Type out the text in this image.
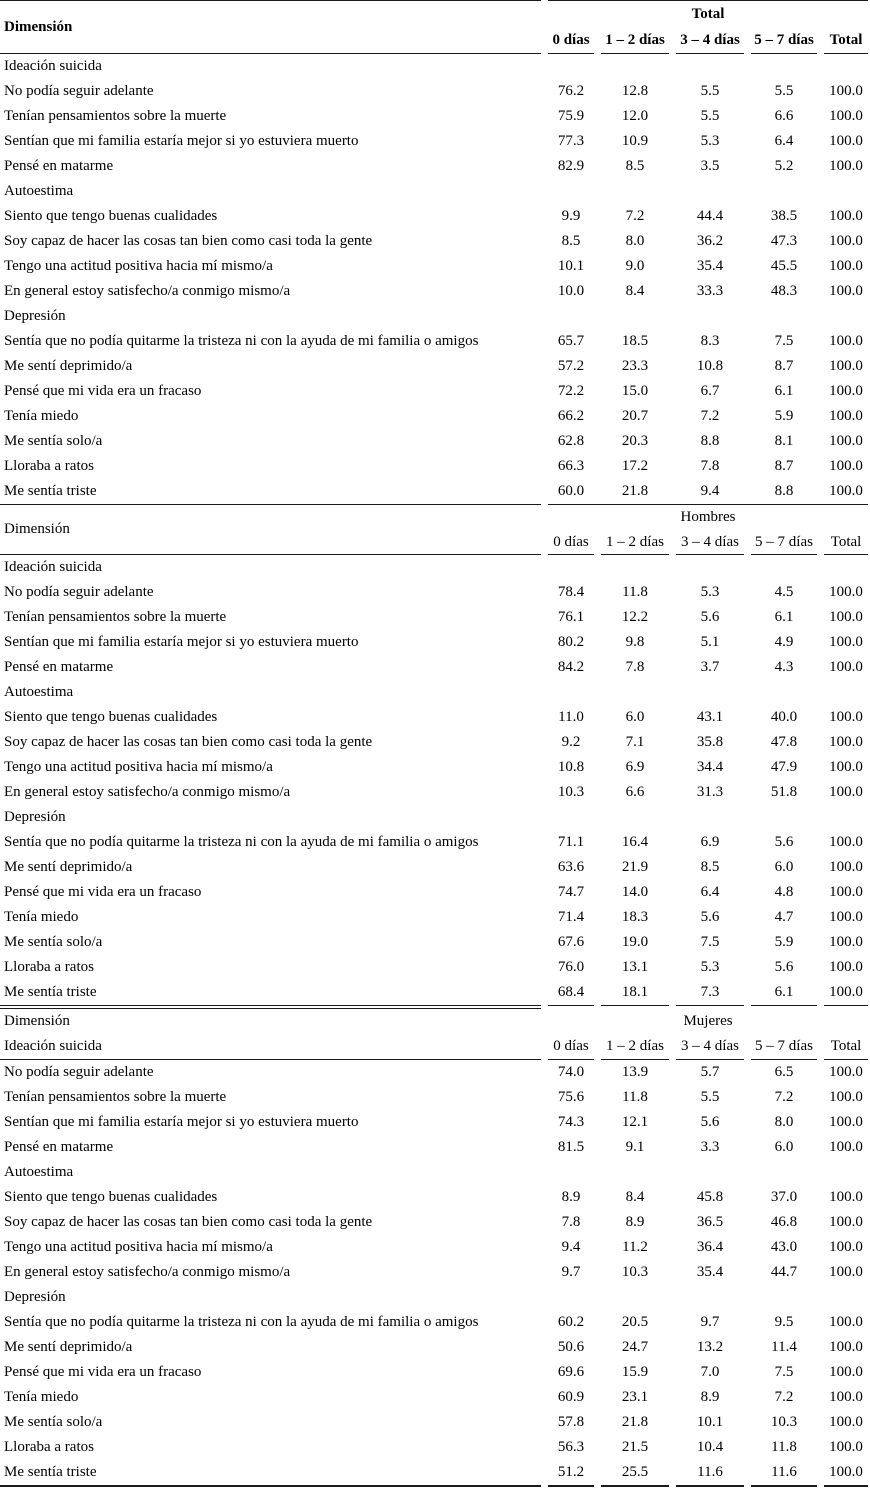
Dimensión	Total				
	0 días	1 – 2 días	3 – 4 días	5 – 7 días	Total
Ideación suicida					
No podía seguir adelante	76.2	12.8	5.5	5.5	100.0
Tenían pensamientos sobre la muerte	75.9	12.0	5.5	6.6	100.0
Sentían que mi familia estaría mejor si yo estuviera muerto	77.3	10.9	5.3	6.4	100.0
Pensé en matarme	82.9	8.5	3.5	5.2	100.0
Autoestima					
Siento que tengo buenas cualidades	9.9	7.2	44.4	38.5	100.0
Soy capaz de hacer las cosas tan bien como casi toda la gente	8.5	8.0	36.2	47.3	100.0
Tengo una actitud positiva hacia mí mismo/a	10.1	9.0	35.4	45.5	100.0
En general estoy satisfecho/a conmigo mismo/a	10.0	8.4	33.3	48.3	100.0
Depresión					
Sentía que no podía quitarme la tristeza ni con la ayuda de mi familia o amigos	65.7	18.5	8.3	7.5	100.0
Me sentí deprimido/a	57.2	23.3	10.8	8.7	100.0
Pensé que mi vida era un fracaso	72.2	15.0	6.7	6.1	100.0
Tenía miedo	66.2	20.7	7.2	5.9	100.0
Me sentía solo/a	62.8	20.3	8.8	8.1	100.0
Lloraba a ratos	66.3	17.2	7.8	8.7	100.0
Me sentía triste	60.0	21.8	9.4	8.8	100.0
Dimensión	Hombres				
	0 días	1 – 2 días	3 – 4 días	5 – 7 días	Total
Ideación suicida					
No podía seguir adelante	78.4	11.8	5.3	4.5	100.0
Tenían pensamientos sobre la muerte	76.1	12.2	5.6	6.1	100.0
Sentían que mi familia estaría mejor si yo estuviera muerto	80.2	9.8	5.1	4.9	100.0
Pensé en matarme	84.2	7.8	3.7	4.3	100.0
Autoestima					
Siento que tengo buenas cualidades	11.0	6.0	43.1	40.0	100.0
Soy capaz de hacer las cosas tan bien como casi toda la gente	9.2	7.1	35.8	47.8	100.0
Tengo una actitud positiva hacia mí mismo/a	10.8	6.9	34.4	47.9	100.0
En general estoy satisfecho/a conmigo mismo/a	10.3	6.6	31.3	51.8	100.0
Depresión					
Sentía que no podía quitarme la tristeza ni con la ayuda de mi familia o amigos	71.1	16.4	6.9	5.6	100.0
Me sentí deprimido/a	63.6	21.9	8.5	6.0	100.0
Pensé que mi vida era un fracaso	74.7	14.0	6.4	4.8	100.0
Tenía miedo	71.4	18.3	5.6	4.7	100.0
Me sentía solo/a	67.6	19.0	7.5	5.9	100.0
Lloraba a ratos	76.0	13.1	5.3	5.6	100.0
Me sentía triste	68.4	18.1	7.3	6.1	100.0
Dimensión	Mujeres				
Ideación suicida	0 días	1 – 2 días	3 – 4 días	5 – 7 días	Total
No podía seguir adelante	74.0	13.9	5.7	6.5	100.0
Tenían pensamientos sobre la muerte	75.6	11.8	5.5	7.2	100.0
Sentían que mi familia estaría mejor si yo estuviera muerto	74.3	12.1	5.6	8.0	100.0
Pensé en matarme	81.5	9.1	3.3	6.0	100.0
Autoestima					
Siento que tengo buenas cualidades	8.9	8.4	45.8	37.0	100.0
Soy capaz de hacer las cosas tan bien como casi toda la gente	7.8	8.9	36.5	46.8	100.0
Tengo una actitud positiva hacia mí mismo/a	9.4	11.2	36.4	43.0	100.0
En general estoy satisfecho/a conmigo mismo/a	9.7	10.3	35.4	44.7	100.0
Depresión					
Sentía que no podía quitarme la tristeza ni con la ayuda de mi familia o amigos	60.2	20.5	9.7	9.5	100.0
Me sentí deprimido/a	50.6	24.7	13.2	11.4	100.0
Pensé que mi vida era un fracaso	69.6	15.9	7.0	7.5	100.0
Tenía miedo	60.9	23.1	8.9	7.2	100.0
Me sentía solo/a	57.8	21.8	10.1	10.3	100.0
Lloraba a ratos	56.3	21.5	10.4	11.8	100.0
Me sentía triste	51.2	25.5	11.6	11.6	100.0
